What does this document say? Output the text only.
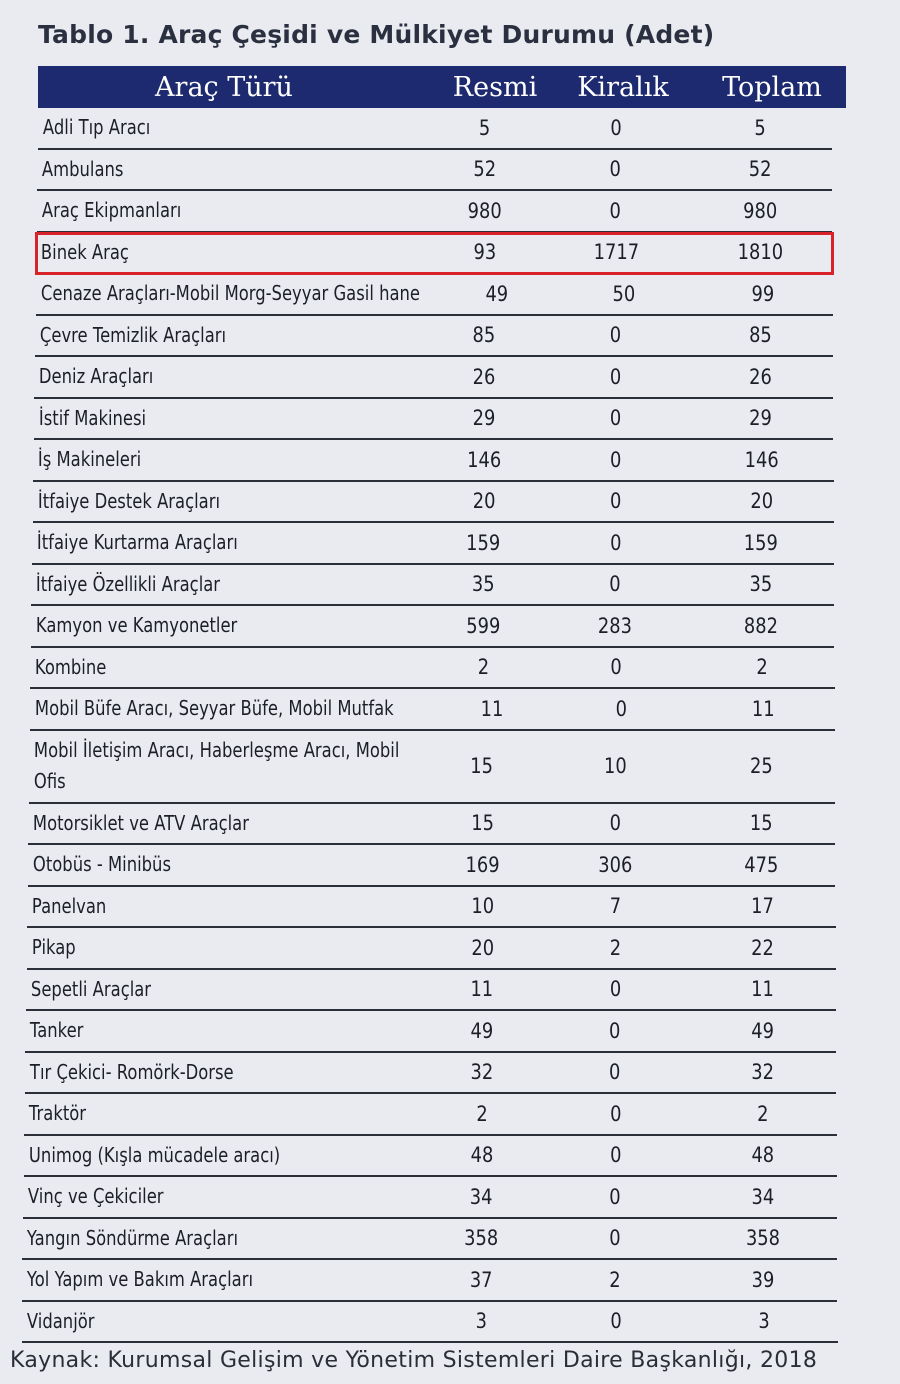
Tablo 1. Araç Çeşidi ve Mülkiyet Durumu (Adet)
Araç Türü	Resmi	Kiralık	Toplam
Adli Tıp Aracı	5	0	5
Ambulans	52	0	52
Araç Ekipmanları	980	0	980
Binek Araç	93	1717	1810
Cenaze Araçları-Mobil Morg-Seyyar Gasil hane	49	50	99
Çevre Temizlik Araçları	85	0	85
Deniz Araçları	26	0	26
İstif Makinesi	29	0	29
İş Makineleri	146	0	146
İtfaiye Destek Araçları	20	0	20
İtfaiye Kurtarma Araçları	159	0	159
İtfaiye Özellikli Araçlar	35	0	35
Kamyon ve Kamyonetler	599	283	882
Kombine	2	0	2
Mobil Büfe Aracı, Seyyar Büfe, Mobil Mutfak	11	0	11
Mobil İletişim Aracı, Haberleşme Aracı, Mobil Ofis
15	10	25
Motorsiklet ve ATV Araçlar	15	0	15
Otobüs - Minibüs	169	306	475
Panelvan	10	7	17
Pikap	20	2	22
Sepetli Araçlar	11	0	11
Tanker	49	0	49
Tır Çekici- Romörk-Dorse	32	0	32
Traktör	2	0	2
Unimog (Kışla mücadele aracı)	48	0	48
Vinç ve Çekiciler	34	0	34
Yangın Söndürme Araçları	358	0	358
Yol Yapım ve Bakım Araçları	37	2	39
Vidanjör	3	0	3
Kaynak: Kurumsal Gelişim ve Yönetim Sistemleri Daire Başkanlığı, 2018
